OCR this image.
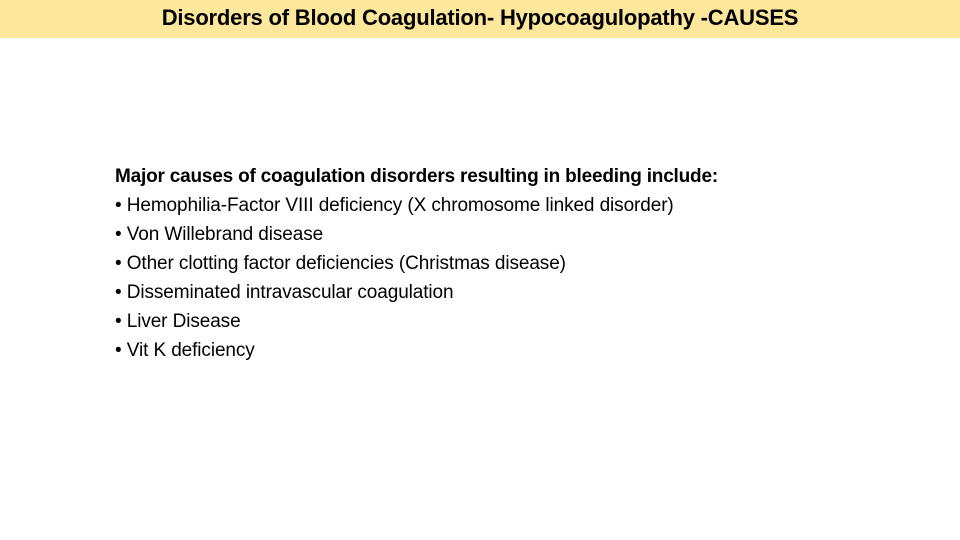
Disorders of Blood Coagulation- Hypocoagulopathy -CAUSES
Major causes of coagulation disorders resulting in bleeding include:
• Hemophilia-Factor VIII deficiency (X chromosome linked disorder)
• Von Willebrand disease
• Other clotting factor deficiencies (Christmas disease)
• Disseminated intravascular coagulation
• Liver Disease
• Vit K deficiency
